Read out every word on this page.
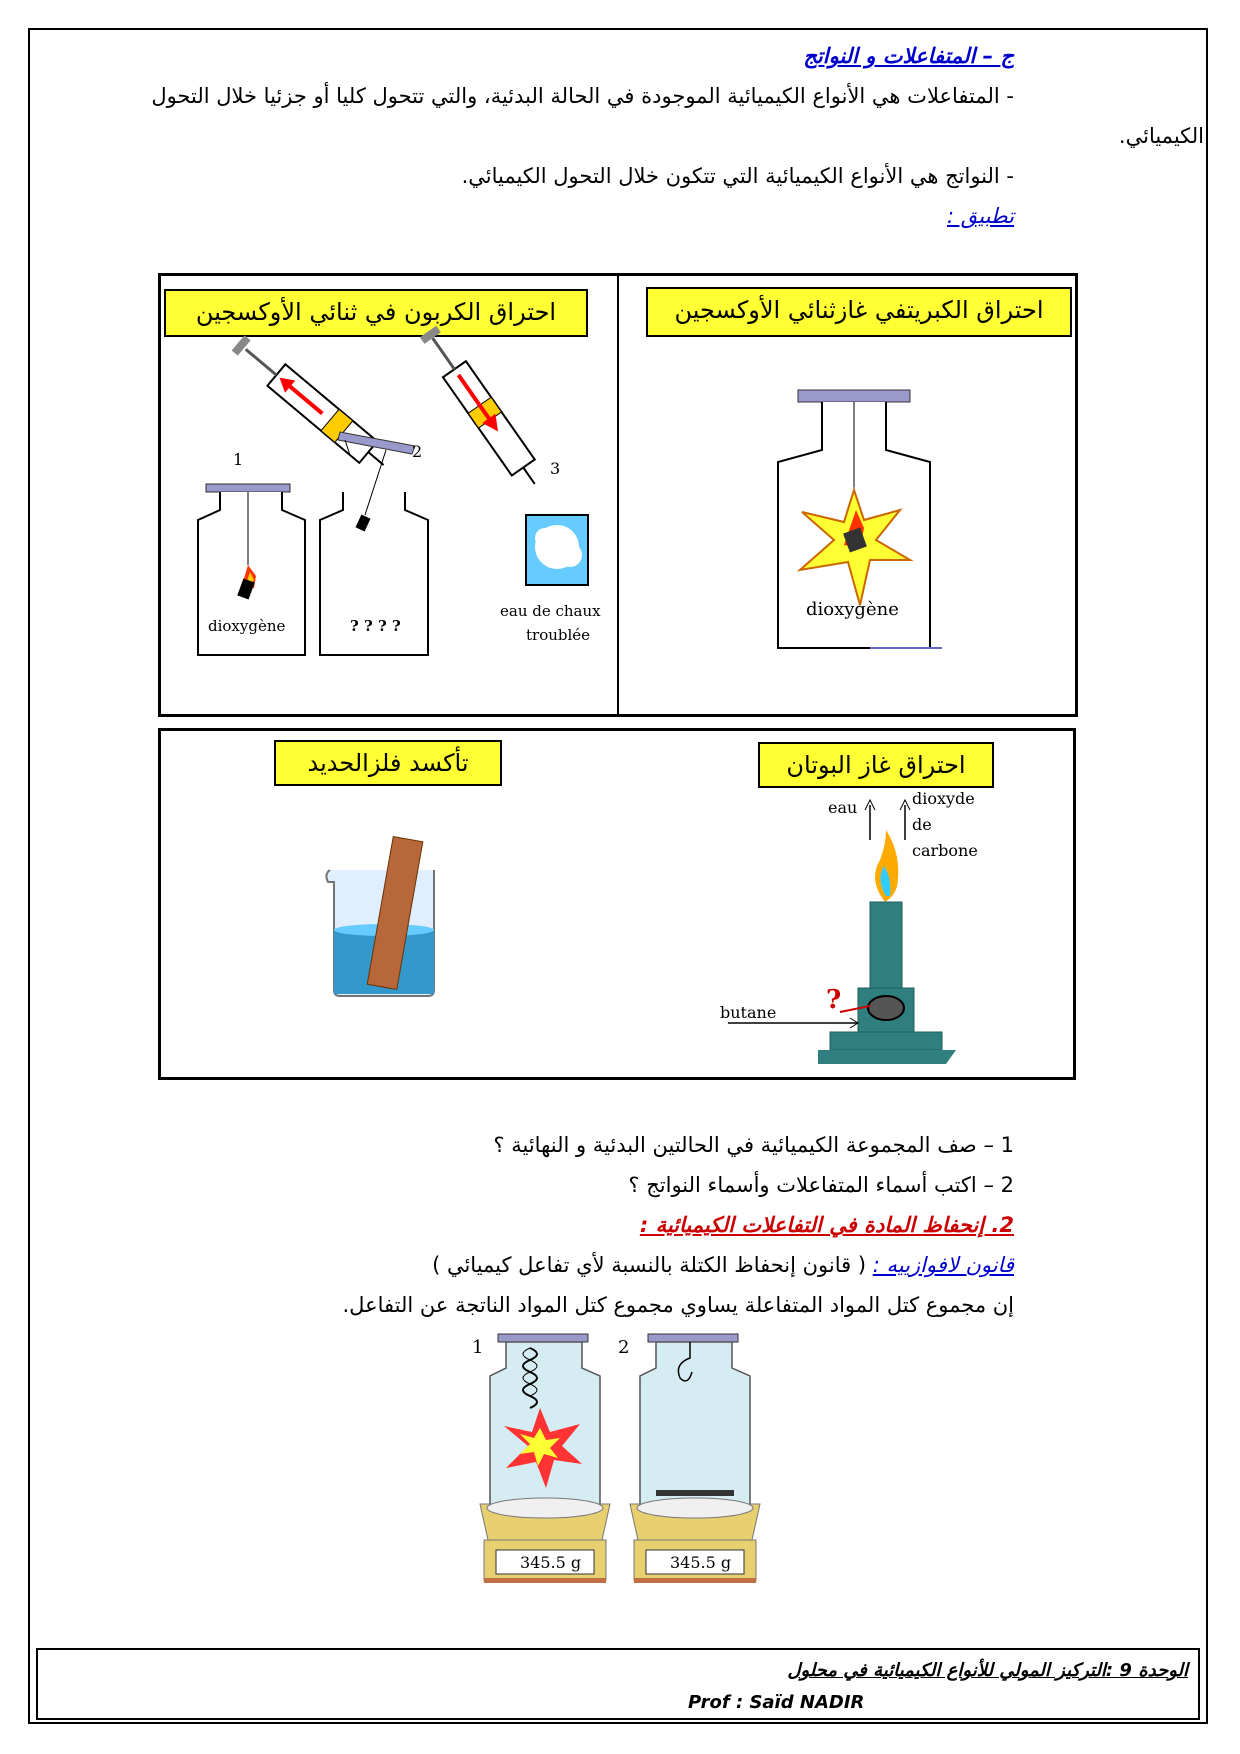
ج – المتفاعلات و النواتج
- المتفاعلات هي الأنواع الكيميائية الموجودة في الحالة البدئية، والتي تتحول كليا أو جزئيا خلال التحول
الكيميائي.
- النواتج هي الأنواع الكيميائية التي تتكون خلال التحول الكيميائي.
تطبيق :
احتراق الكربون في ثنائي الأوكسجين	احتراق الكبريتفي غازثنائي الأوكسجين
1	2
3
dioxygène	? ? ? ?
eau de chaux
troublée
dioxygène
تأكسد فلزالحديد	احتراق غاز البوتان
eau	dioxyde
de
carbone
butane ?
1 – صف المجموعة الكيميائية في الحالتين البدئية و النهائية ؟
2 – اكتب أسماء المتفاعلات وأسماء النواتج ؟
2. إنحفاظ المادة في التفاعلات الكيميائية :
قانون لافوازييه : ( قانون إنحفاظ الكتلة بالنسبة لأي تفاعل كيميائي )
إن مجموع كتل المواد المتفاعلة يساوي مجموع كتل المواد الناتجة عن التفاعل.
1	2
345.5 g	345.5 g
الوحدة 9 :التركيز المولي للأنواع الكيميائية في محلول
Prof : Saïd NADIR
